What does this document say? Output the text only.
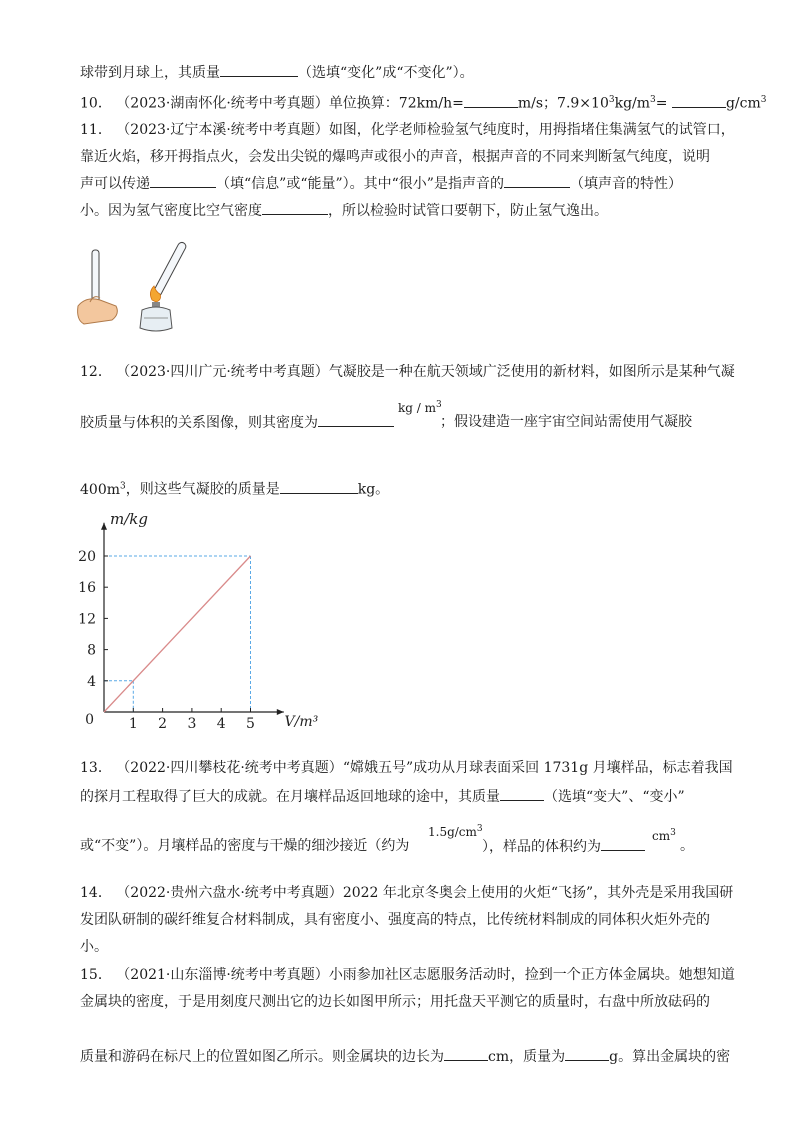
球带到月球上，其质量	（选填“变化”成“不变化”）。
10． （2023·湖南怀化·统考中考真题）单位换算：72km/h=	m/s；$7.9\times 10^3kg/m^3=$	$g/cm^3$
11． （2023·辽宁本溪·统考中考真题）如图，化学老师检验氢气纯度时，用拇指堵住集满氢气的试管口，
靠近火焰，移开拇指点火，会发出尖锐的爆鸣声或很小的声音，根据声音的不同来判断氢气纯度，说明
声可以传递	（填“信息”或“能量”）。其中“很小”是指声音的	（填声音的特性）
小。因为氢气密度比空气密度	，所以检验时试管口要朝下，防止氢气逸出。
12． （2023·四川广元·统考中考真题）气凝胶是一种在航天领域广泛使用的新材料，如图所示是某种气凝
胶质量与体积的关系图像，则其密度为
kg / $m^3$
；假设建造一座宇宙空间站需使用气凝胶
$400m^3$，则这些气凝胶的质量是	kg。
1 2 3 4 5
4
8
12
16
20
0
m/kg
V/m³
13． （2022·四川攀枝花·统考中考真题）“嫦娥五号”成功从月球表面采回 1731g 月壤样品，标志着我国
的探月工程取得了巨大的成就。在月壤样品返回地球的途中，其质量	（选填“变大”、“变小”
或“不变”）。月壤样品的密度与干燥的细沙接近（约为
$1.5g/cm^3$
），样品的体积约为
$cm^3$
。
14． （2022·贵州六盘水·统考中考真题）2022 年北京冬奥会上使用的火炬“飞扬”，其外壳是采用我国研
发团队研制的碳纤维复合材料制成，具有密度小、强度高的特点，比传统材料制成的同体积火炬外壳的
小。
15． （2021·山东淄博·统考中考真题）小雨参加社区志愿服务活动时，捡到一个正方体金属块。她想知道
金属块的密度，于是用刻度尺测出它的边长如图甲所示；用托盘天平测它的质量时，右盘中所放砝码的
质量和游码在标尺上的位置如图乙所示。则金属块的边长为	cm，质量为	g。算出金属块的密
